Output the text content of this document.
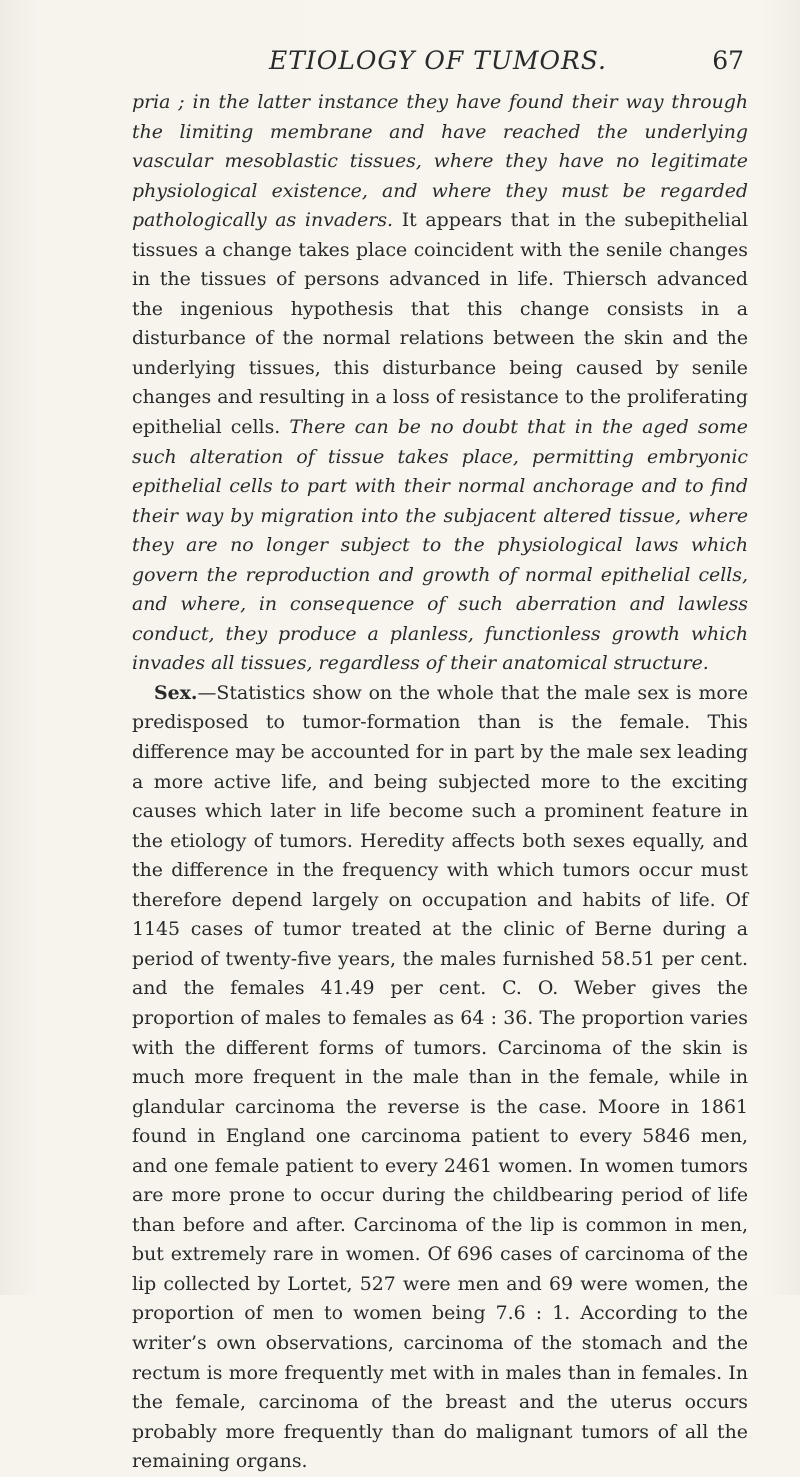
ETIOLOGY OF TUMORS.	67

pria ; in the latter instance they have found their way through the limiting membrane and have reached the underlying vascular mesoblastic tissues, where they have no legitimate physiological existence, and where they must be regarded pathologically as invaders. It appears that in the subepithelial tissues a change takes place coincident with the senile changes in the tissues of persons advanced in life. Thiersch advanced the ingenious hypothesis that this change consists in a disturbance of the normal relations between the skin and the underlying tissues, this disturbance being caused by senile changes and resulting in a loss of resistance to the proliferating epithelial cells. There can be no doubt that in the aged some such alteration of tissue takes place, permitting embryonic epithelial cells to part with their normal anchorage and to find their way by migration into the subjacent altered tissue, where they are no longer subject to the physiological laws which govern the reproduction and growth of normal epithelial cells, and where, in consequence of such aberration and lawless conduct, they produce a planless, functionless growth which invades all tissues, regardless of their anatomical structure.

Sex.—Statistics show on the whole that the male sex is more predisposed to tumor-formation than is the female. This difference may be accounted for in part by the male sex leading a more active life, and being subjected more to the exciting causes which later in life become such a prominent feature in the etiology of tumors. Heredity affects both sexes equally, and the difference in the frequency with which tumors occur must therefore depend largely on occupation and habits of life. Of 1145 cases of tumor treated at the clinic of Berne during a period of twenty-five years, the males furnished 58.51 per cent. and the females 41.49 per cent. C. O. Weber gives the proportion of males to females as 64 : 36. The proportion varies with the different forms of tumors. Carcinoma of the skin is much more frequent in the male than in the female, while in glandular carcinoma the reverse is the case. Moore in 1861 found in England one carcinoma patient to every 5846 men, and one female patient to every 2461 women. In women tumors are more prone to occur during the childbearing period of life than before and after. Carcinoma of the lip is common in men, but extremely rare in women. Of 696 cases of carcinoma of the lip collected by Lortet, 527 were men and 69 were women, the proportion of men to women being 7.6 : 1. According to the writer’s own observations, carcinoma of the stomach and the rectum is more frequently met with in males than in females. In the female, carcinoma of the breast and the uterus occurs probably more frequently than do malignant tumors of all the remaining organs.
